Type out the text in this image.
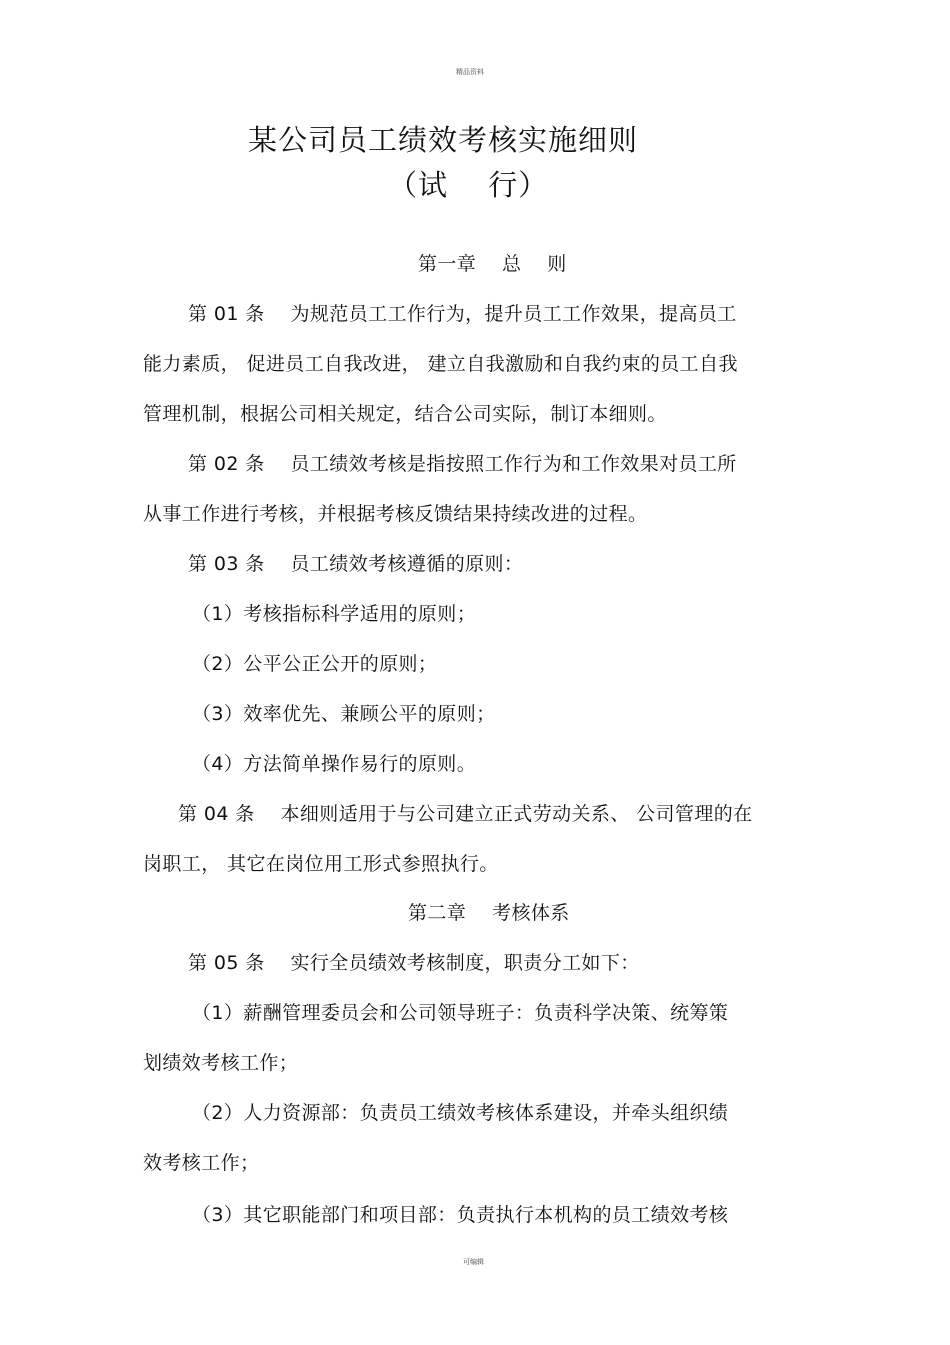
精品资料
某公司员工绩效考核实施细则
（试　 行）
第一章　 总　 则
第 01 条　 为规范员工工作行为，提升员工工作效果，提高员工
能力素质， 促进员工自我改进， 建立自我激励和自我约束的员工自我
管理机制，根据公司相关规定，结合公司实际，制订本细则。
第 02 条　 员工绩效考核是指按照工作行为和工作效果对员工所
从事工作进行考核，并根据考核反馈结果持续改进的过程。
第 03 条　 员工绩效考核遵循的原则：
（1）考核指标科学适用的原则；
（2）公平公正公开的原则；
（3）效率优先、兼顾公平的原则；
（4）方法简单操作易行的原则。
第 04 条　 本细则适用于与公司建立正式劳动关系、 公司管理的在
岗职工， 其它在岗位用工形式参照执行。
第二章　 考核体系
第 05 条　 实行全员绩效考核制度，职责分工如下：
（1）薪酬管理委员会和公司领导班子：负责科学决策、统筹策
划绩效考核工作；
（2）人力资源部：负责员工绩效考核体系建设，并牵头组织绩
效考核工作；
（3）其它职能部门和项目部：负责执行本机构的员工绩效考核
可编辑
